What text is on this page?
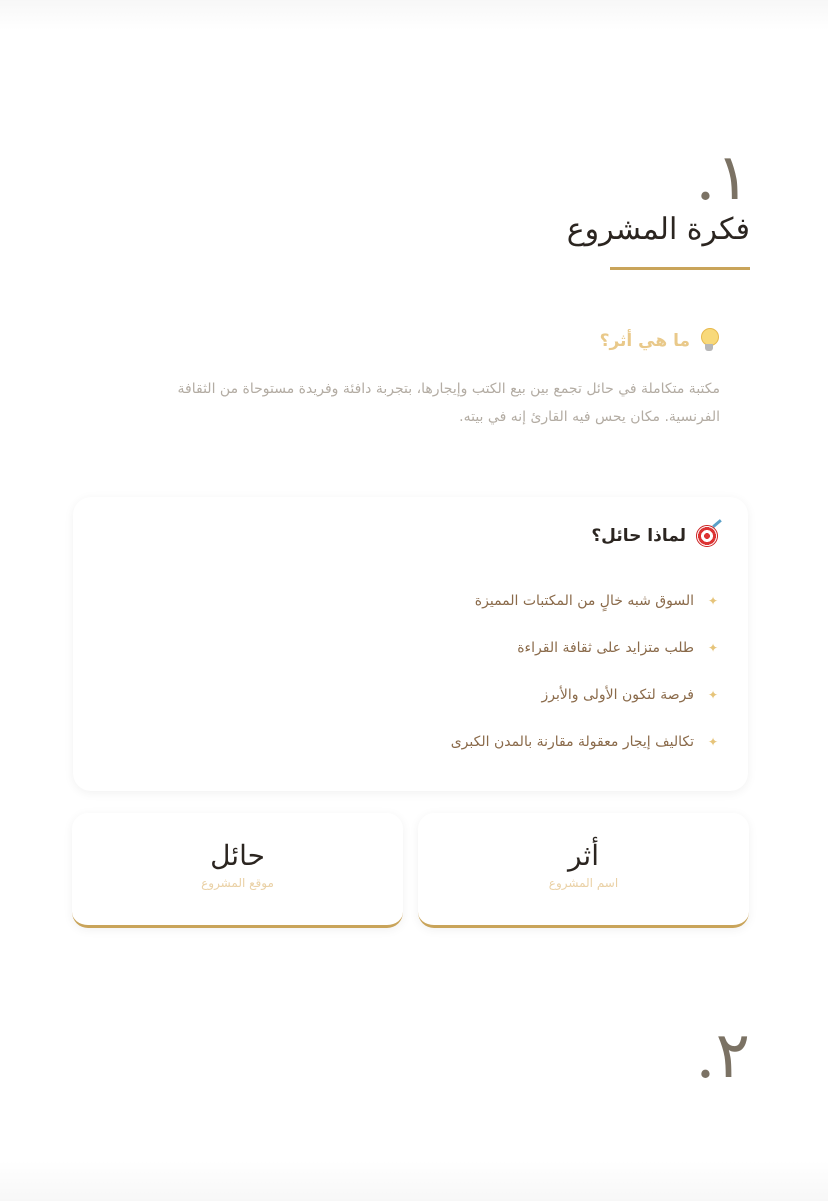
١.
فكرة المشروع
ما هي أثر؟
مكتبة متكاملة في حائل تجمع بين بيع الكتب وإيجارها، بتجربة دافئة وفريدة مستوحاة من الثقافة الفرنسية. مكان يحس فيه القارئ إنه في بيته.
لماذا حائل؟
✦
السوق شبه خالٍ من المكتبات المميزة
✦
طلب متزايد على ثقافة القراءة
✦
فرصة لتكون الأولى والأبرز
✦
تكاليف إيجار معقولة مقارنة بالمدن الكبرى
أثر
اسم المشروع
حائل
موقع المشروع
٢.
